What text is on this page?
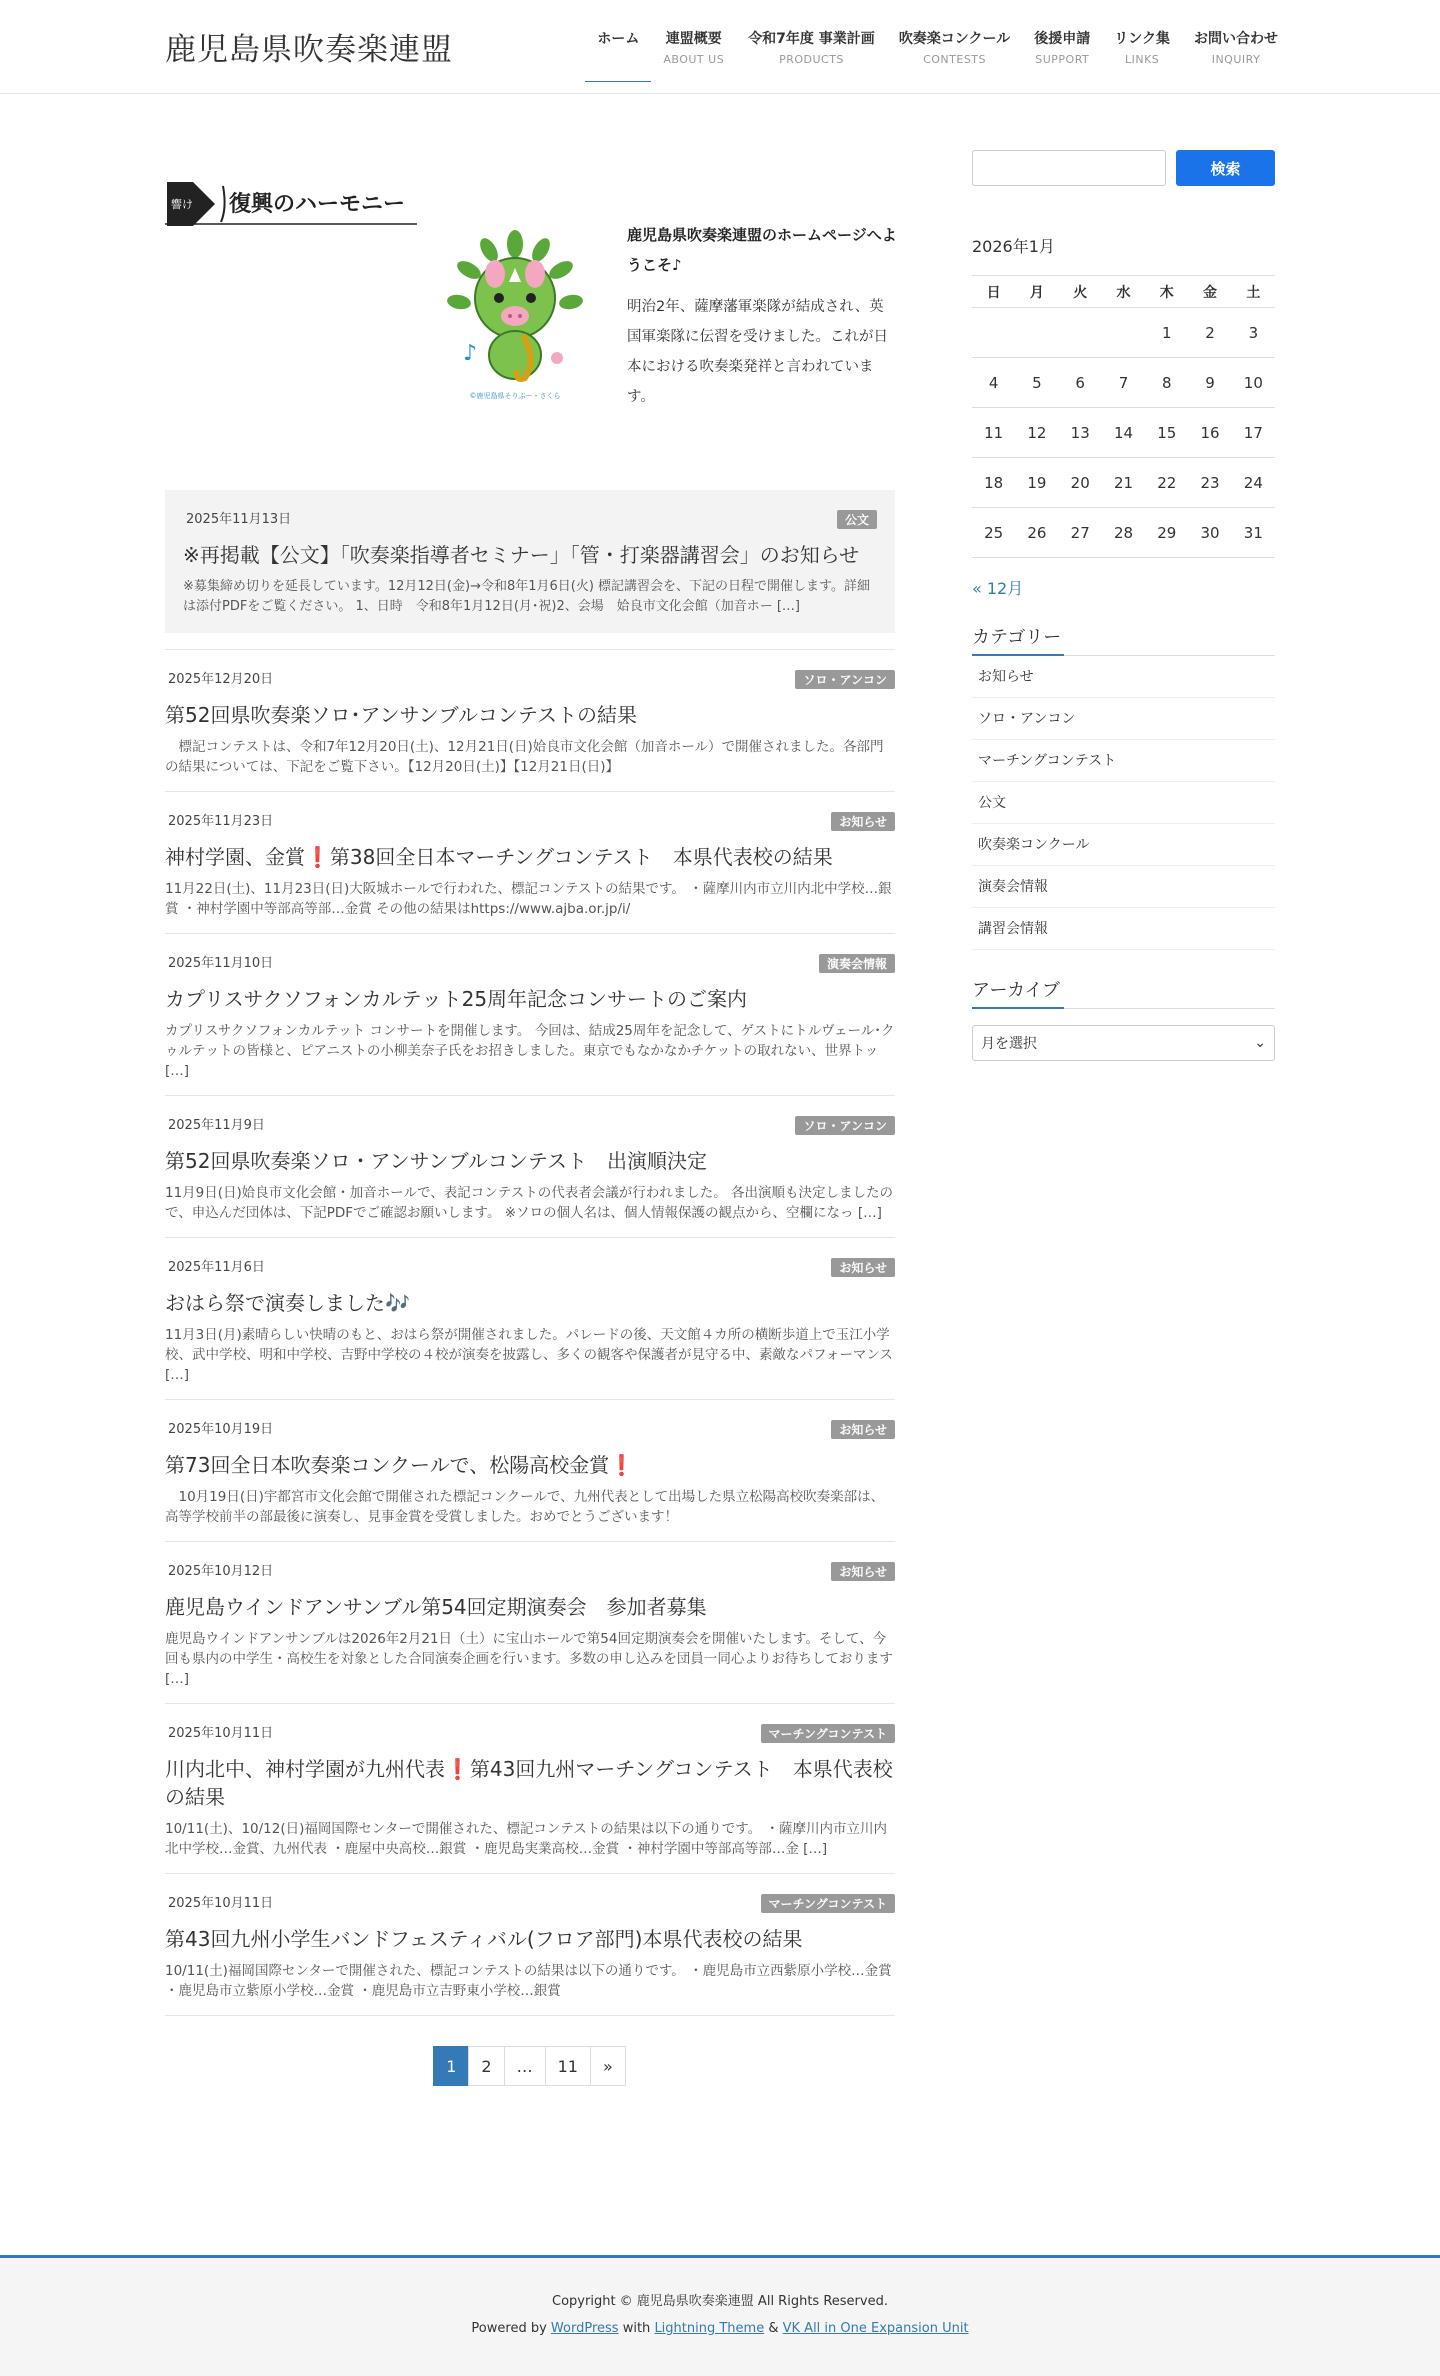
鹿児島県吹奏楽連盟	ホーム 連盟概要
ABOUT US
令和7年度 事業計画
PRODUCTS
吹奏楽コンクール
CONTESTS
後援申請
SUPPORT
リンク集
LINKS
お問い合わせ
INQUIRY
響け 復興のハーモニー
♪
©鹿児島県そりぶー・さくら
鹿児島県吹奏楽連盟のホームページへようこそ♪
明治2年、薩摩藩軍楽隊が結成され、英国軍楽隊に伝習を受けました。これが日本における吹奏楽発祥と言われています。
2025年11月13日	公文
※再掲載【公文】「吹奏楽指導者セミナー」「管・打楽器講習会」のお知らせ

※募集締め切りを延長しています。12月12日(金)→令和8年1月6日(火) 標記講習会を、下記の日程で開催します。詳細は添付PDFをご覧ください。 1、日時　令和8年1月12日(月･祝)2、会場　姶良市文化会館（加音ホー […]

2025年12月20日	ソロ・アンコン
第52回県吹奏楽ソロ･アンサンブルコンテストの結果

　標記コンテストは、令和7年12月20日(土)、12月21日(日)姶良市文化会館（加音ホール）で開催されました。各部門の結果については、下記をご覧下さい。【12月20日(土)】【12月21日(日)】

2025年11月23日	お知らせ
神村学園、金賞❗第38回全日本マーチングコンテスト　本県代表校の結果

11月22日(土)、11月23日(日)大阪城ホールで行われた、標記コンテストの結果です。 ・薩摩川内市立川内北中学校…銀賞 ・神村学園中等部高等部…金賞 その他の結果はhttps://www.ajba.or.jp/i/

2025年11月10日	演奏会情報
カプリスサクソフォンカルテット25周年記念コンサートのご案内

カプリスサクソフォンカルテット コンサートを開催します。 今回は、結成25周年を記念して、ゲストにトルヴェール･クゥルテットの皆様と、ピアニストの小柳美奈子氏をお招きしました。東京でもなかなかチケットの取れない、世界トッ […]

2025年11月9日	ソロ・アンコン
第52回県吹奏楽ソロ・アンサンブルコンテスト　出演順決定

11月9日(日)姶良市文化会館・加音ホールで、表記コンテストの代表者会議が行われました。 各出演順も決定しましたので、申込んだ団体は、下記PDFでご確認お願いします。 ※ソロの個人名は、個人情報保護の観点から、空欄になっ […]

2025年11月6日	お知らせ
おはら祭で演奏しました🎶

11月3日(月)素晴らしい快晴のもと、おはら祭が開催されました。パレードの後、天文館４カ所の横断歩道上で玉江小学校、武中学校、明和中学校、吉野中学校の４校が演奏を披露し、多くの観客や保護者が見守る中、素敵なパフォーマンス […]

2025年10月19日	お知らせ
第73回全日本吹奏楽コンクールで、松陽高校金賞❗

　10月19日(日)宇都宮市文化会館で開催された標記コンクールで、九州代表として出場した県立松陽高校吹奏楽部は、高等学校前半の部最後に演奏し、見事金賞を受賞しました。おめでとうございます！

2025年10月12日	お知らせ
鹿児島ウインドアンサンブル第54回定期演奏会　参加者募集

鹿児島ウインドアンサンブルは2026年2月21日（土）に宝山ホールで第54回定期演奏会を開催いたします。そして、今回も県内の中学生・高校生を対象とした合同演奏企画を行います。多数の申し込みを団員一同心よりお待ちしております […]

2025年10月11日	マーチングコンテスト
川内北中、神村学園が九州代表❗第43回九州マーチングコンテスト　本県代表校の結果

10/11(土)、10/12(日)福岡国際センターで開催された、標記コンテストの結果は以下の通りです。 ・薩摩川内市立川内北中学校…金賞、九州代表 ・鹿屋中央高校…銀賞 ・鹿児島実業高校…金賞 ・神村学園中等部高等部…金 […]

2025年10月11日	マーチングコンテスト
第43回九州小学生バンドフェスティバル(フロア部門)本県代表校の結果

10/11(土)福岡国際センターで開催された、標記コンテストの結果は以下の通りです。 ・鹿児島市立西紫原小学校…金賞 ・鹿児島市立紫原小学校…金賞 ・鹿児島市立吉野東小学校…銀賞

1	2	…	11	»
検索
2026年1月
日	月	火	水	木	金	土
				1	2	3
4	5	6	7	8	9	10
11	12	13	14	15	16	17
18	19	20	21	22	23	24
25	26	27	28	29	30	31
« 12月
カテゴリー
お知らせ
ソロ・アンコン
マーチングコンテスト
公文
吹奏楽コンクール
演奏会情報
講習会情報
アーカイブ
月を選択	⌄
Copyright © 鹿児島県吹奏楽連盟 All Rights Reserved.
Powered by WordPress with Lightning Theme & VK All in One Expansion Unit
